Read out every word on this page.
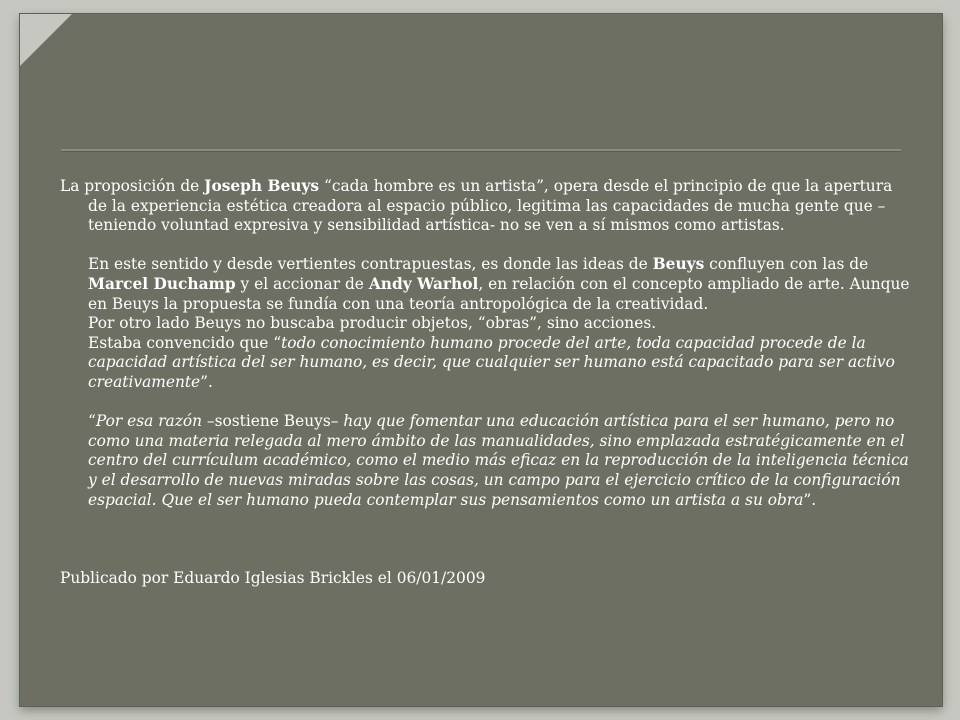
La proposición de Joseph Beuys “cada hombre es un artista”, opera desde el principio de que la apertura de la experiencia estética creadora al espacio público, legitima las capacidades de mucha gente que –teniendo voluntad expresiva y sensibilidad artística- no se ven a sí mismos como artistas.

En este sentido y desde vertientes contrapuestas, es donde las ideas de Beuys confluyen con las de Marcel Duchamp y el accionar de Andy Warhol, en relación con el concepto ampliado de arte. Aunque en Beuys la propuesta se fundía con una teoría antropológica de la creatividad.

Por otro lado Beuys no buscaba producir objetos, “obras”, sino acciones.

Estaba convencido que “todo conocimiento humano procede del arte, toda capacidad procede de la capacidad artística del ser humano, es decir, que cualquier ser humano está capacitado para ser activo creativamente”.

“Por esa razón –sostiene Beuys– hay que fomentar una educación artística para el ser humano, pero no como una materia relegada al mero ámbito de las manualidades, sino emplazada estratégicamente en el centro del currículum académico, como el medio más eficaz en la reproducción de la inteligencia técnica y el desarrollo de nuevas miradas sobre las cosas, un campo para el ejercicio crítico de la configuración espacial. Que el ser humano pueda contemplar sus pensamientos como un artista a su obra”.

Publicado por Eduardo Iglesias Brickles el 06/01/2009
